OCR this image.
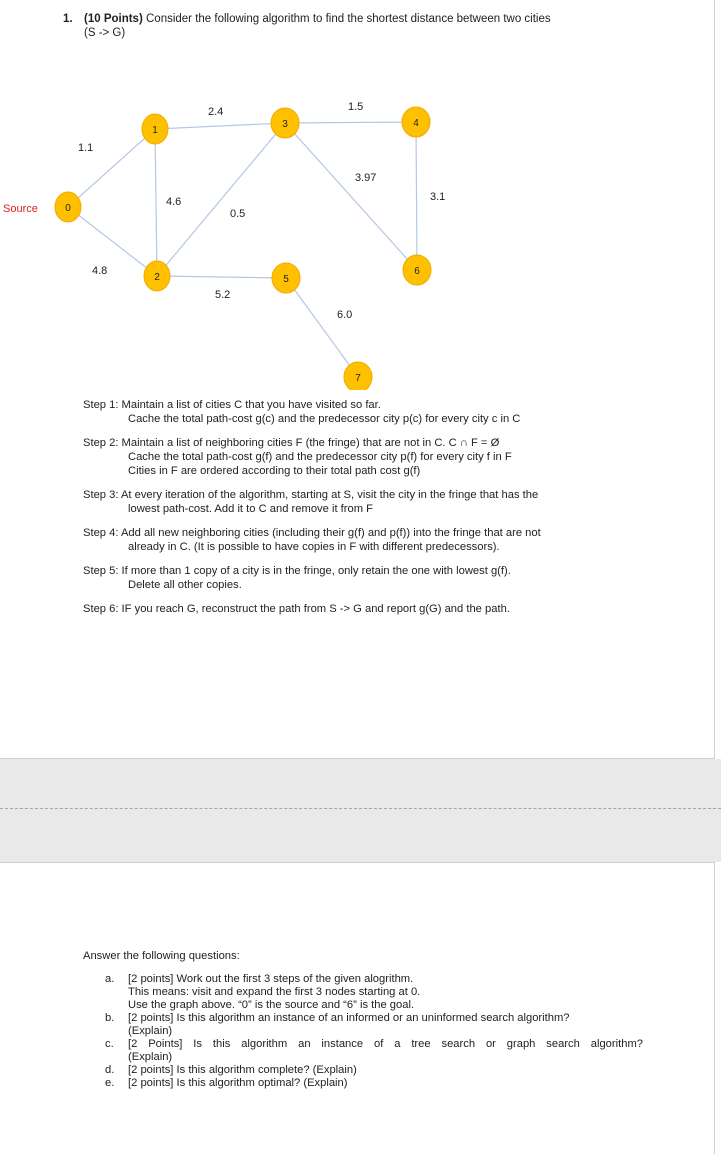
1. (10 Points) Consider the following algorithm to find the shortest distance between two cities
(S -> G)
Source
1.1
2.4	1.5
4.6
0.5
3.97
3.1
4.8
5.2
6.0
0
1
2
3	4
5
6
7
Step 1: Maintain a list of cities C that you have visited so far.
Cache the total path-cost g(c) and the predecessor city p(c) for every city c in C
Step 2: Maintain a list of neighboring cities F (the fringe) that are not in C. C ∩ F = Ø
Cache the total path-cost g(f) and the predecessor city p(f) for every city f in F
Cities in F are ordered according to their total path cost g(f)
Step 3: At every iteration of the algorithm, starting at S, visit the city in the fringe that has the
lowest path-cost. Add it to C and remove it from F
Step 4: Add all new neighboring cities (including their g(f) and p(f)) into the fringe that are not
already in C. (It is possible to have copies in F with different predecessors).
Step 5: If more than 1 copy of a city is in the fringe, only retain the one with lowest g(f).
Delete all other copies.
Step 6: IF you reach G, reconstruct the path from S -> G and report g(G) and the path.
Answer the following questions:
a. [2 points] Work out the first 3 steps of the given alogrithm.
This means: visit and expand the first 3 nodes starting at 0.
Use the graph above. “0” is the source and “6” is the goal.
b. [2 points] Is this algorithm an instance of an informed or an uninformed search algorithm?
(Explain)
c. [2 Points] Is this algorithm an instance of a tree search or graph search algorithm?
(Explain)
d. [2 points] Is this algorithm complete? (Explain)
e. [2 points] Is this algorithm optimal? (Explain)
